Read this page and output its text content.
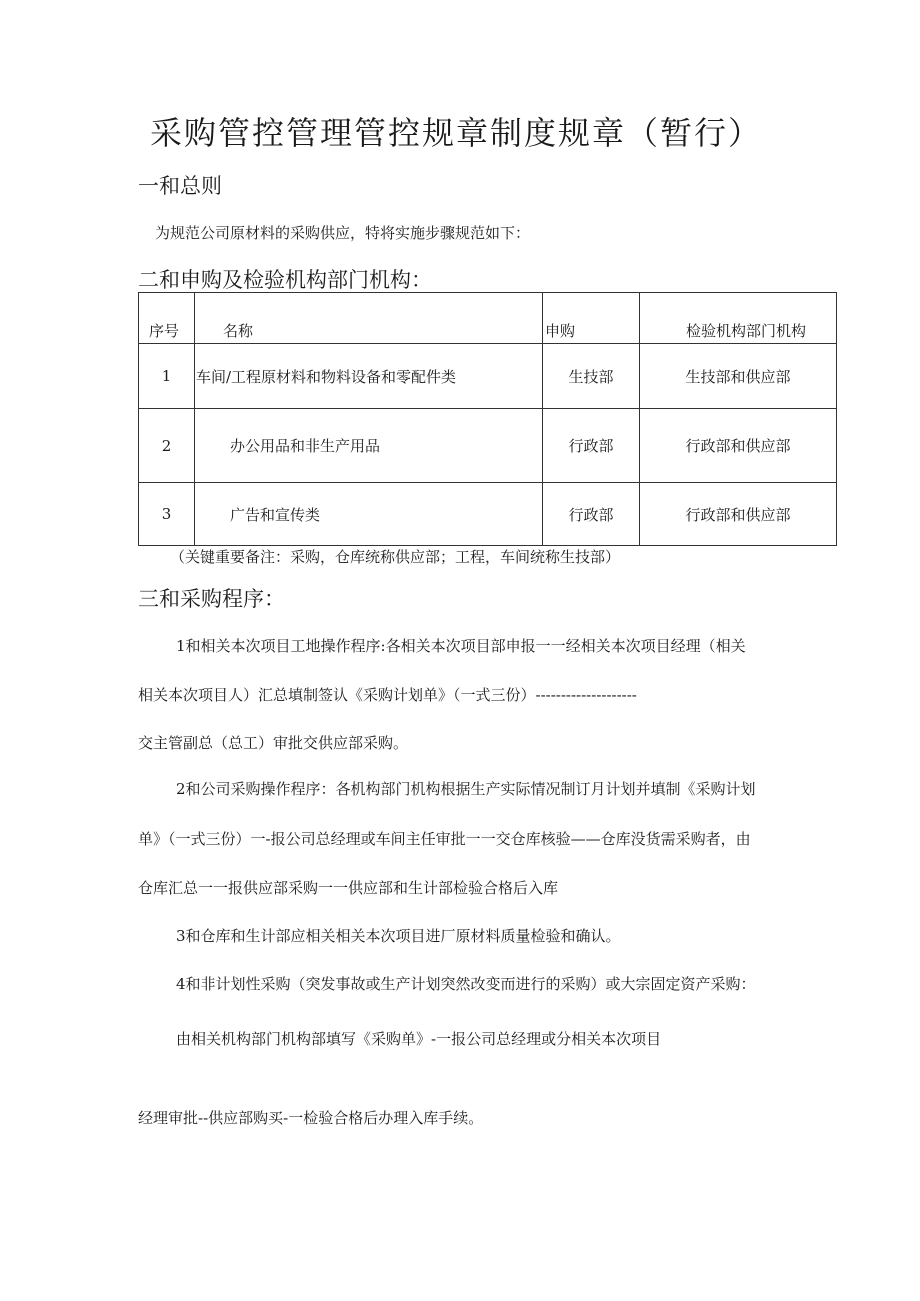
采购管控管理管控规章制度规章（暂行）
一和总则
为规范公司原材料的采购供应，特将实施步骤规范如下：
二和申购及检验机构部门机构：
序号	名称	申购	检验机构部门机构
1	车间/工程原材料和物料设备和零配件类	生技部	生技部和供应部
2	办公用品和非生产用品	行政部	行政部和供应部
3	广告和宣传类	行政部	行政部和供应部
（关键重要备注：采购，仓库统称供应部；工程，车间统称生技部）
三和采购程序：
1和相关本次项目工地操作程序:各相关本次项目部申报一一经相关本次项目经理（相关
相关本次项目人）汇总填制签认《采购计划单》（一式三份）--------------------
交主管副总（总工）审批交供应部采购。
2和公司采购操作程序：各机构部门机构根据生产实际情况制订月计划并填制《采购计划
单》（一式三份）一-报公司总经理或车间主任审批一一交仓库核验——仓库没货需采购者，由
仓库汇总一一报供应部采购一一供应部和生计部检验合格后入库
3和仓库和生计部应相关相关本次项目进厂原材料质量检验和确认。
4和非计划性采购（突发事故或生产计划突然改变而进行的采购）或大宗固定资产采购：
由相关机构部门机构部填写《采购单》-一报公司总经理或分相关本次项目
经理审批--供应部购买-一检验合格后办理入库手续。
